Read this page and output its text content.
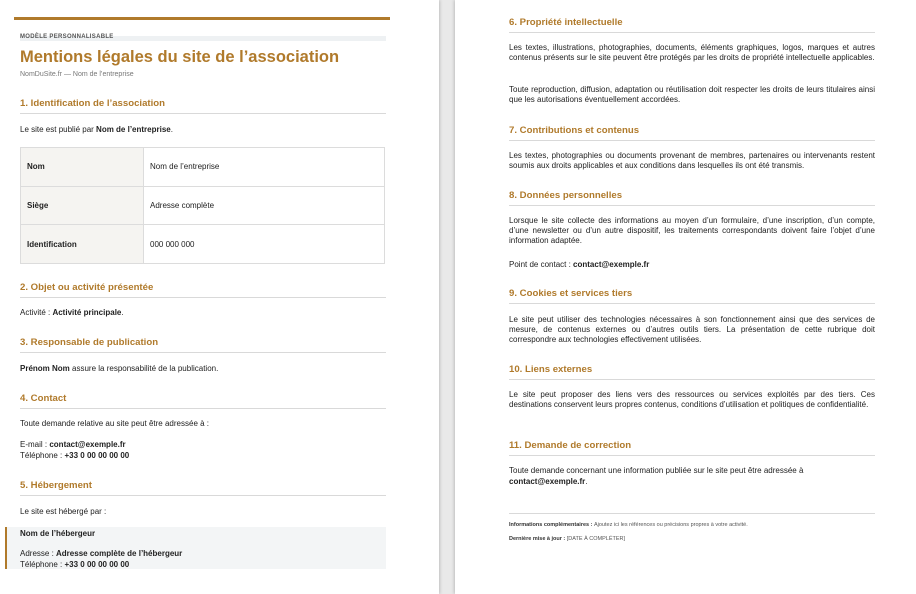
MODÈLE PERSONNALISABLE
Mentions légales du site de l’association
NomDuSite.fr — Nom de l’entreprise
1. Identification de l’association
Le site est publié par Nom de l’entreprise.
Nom	Nom de l’entreprise
Siège	Adresse complète
Identification	000 000 000
2. Objet ou activité présentée
Activité : Activité principale.
3. Responsable de publication
Prénom Nom assure la responsabilité de la publication.
4. Contact
Toute demande relative au site peut être adressée à :
E-mail : contact@exemple.fr
Téléphone : +33 0 00 00 00 00
5. Hébergement
Le site est hébergé par :
Nom de l’hébergeur
Adresse : Adresse complète de l’hébergeur
Téléphone : +33 0 00 00 00 00
6. Propriété intellectuelle
Les textes, illustrations, photographies, documents, éléments graphiques, logos, marques et autres contenus présents sur le site peuvent être protégés par les droits de propriété intellectuelle applicables.
Toute reproduction, diffusion, adaptation ou réutilisation doit respecter les droits de leurs titulaires ainsi que les autorisations éventuellement accordées.
7. Contributions et contenus
Les textes, photographies ou documents provenant de membres, partenaires ou intervenants restent soumis aux droits applicables et aux conditions dans lesquelles ils ont été transmis.
8. Données personnelles
Lorsque le site collecte des informations au moyen d’un formulaire, d’une inscription, d’un compte, d’une newsletter ou d’un autre dispositif, les traitements correspondants doivent faire l’objet d’une information adaptée.
Point de contact : contact@exemple.fr
9. Cookies et services tiers
Le site peut utiliser des technologies nécessaires à son fonctionnement ainsi que des services de mesure, de contenus externes ou d’autres outils tiers. La présentation de cette rubrique doit correspondre aux technologies effectivement utilisées.
10. Liens externes
Le site peut proposer des liens vers des ressources ou services exploités par des tiers. Ces destinations conservent leurs propres contenus, conditions d’utilisation et politiques de confidentialité.
11. Demande de correction
Toute demande concernant une information publiée sur le site peut être adressée à
contact@exemple.fr.
Informations complémentaires : Ajoutez ici les références ou précisions propres à votre activité.
Dernière mise à jour : [DATE À COMPLÉTER]
